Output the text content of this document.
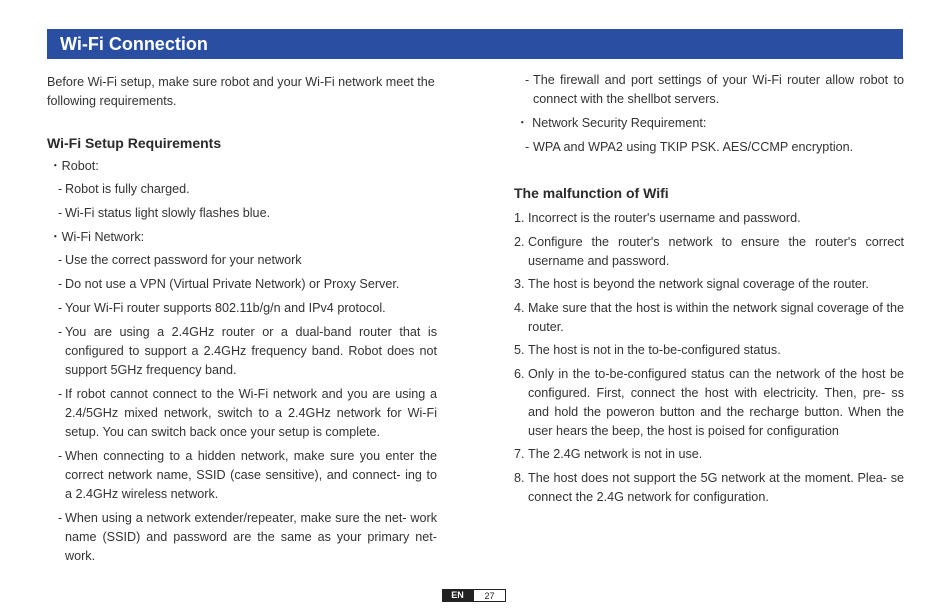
Wi-Fi Connection

Before Wi-Fi setup, make sure robot and your Wi-Fi network meet the following requirements.

Wi-Fi Setup Requirements

・Robot:

- Robot is fully charged.

- Wi-Fi status light slowly flashes blue.

・Wi-Fi Network:

- Use the correct password for your network

- Do not use a VPN (Virtual Private Network) or Proxy Server.

- Your Wi-Fi router supports 802.11b/g/n and IPv4 protocol.

- You are using a 2.4GHz router or a dual-band router that is configured to support a 2.4GHz frequency band. Robot does not support 5GHz frequency band.

- If robot cannot connect to the Wi-Fi network and you are using a 2.4/5GHz mixed network, switch to a 2.4GHz network for Wi-Fi setup. You can switch back once your setup is complete.

- When connecting to a hidden network, make sure you enter the correct network name, SSID (case sensitive), and connect- ing to a 2.4GHz wireless network.

- When using a network extender/repeater, make sure the net- work name (SSID) and password are the same as your primary net- work.

- The firewall and port settings of your Wi-Fi router allow robot to connect with the shellbot servers.

・ Network Security Requirement:

- WPA and WPA2 using TKIP PSK. AES/CCMP encryption.

The malfunction of Wifi
1. Incorrect is the router's username and password.
2. Configure the router's network to ensure the router's correct username and password.
3. The host is beyond the network signal coverage of the router.
4. Make sure that the host is within the network signal coverage of the router.
5. The host is not in the to-be-configured status.
6. Only in the to-be-configured status can the network of the host be configured. First, connect the host with electricity. Then, pre- ss and hold the poweron button and the recharge button. When the user hears the beep, the host is poised for configuration
7. The 2.4G network is not in use.
8. The host does not support the 5G network at the moment. Plea- se connect the 2.4G network for configuration.
EN	27
